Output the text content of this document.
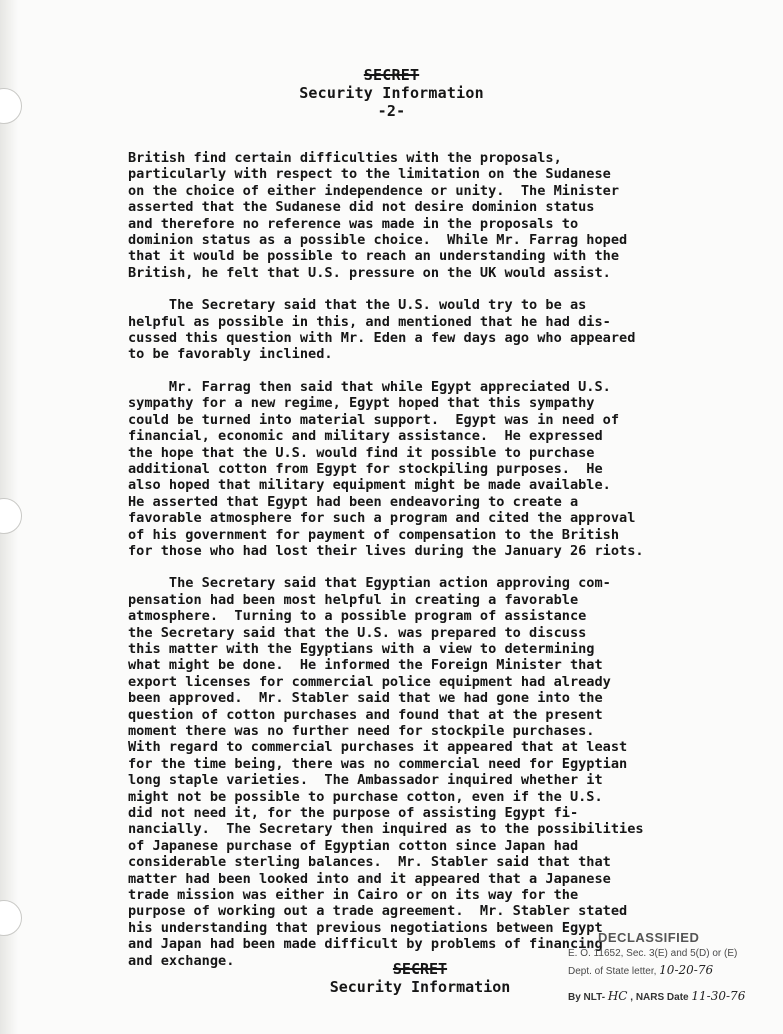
SECRET
Security Information
-2-
British find certain difficulties with the proposals,
particularly with respect to the limitation on the Sudanese
on the choice of either independence or unity.  The Minister
asserted that the Sudanese did not desire dominion status
and therefore no reference was made in the proposals to
dominion status as a possible choice.  While Mr. Farrag hoped
that it would be possible to reach an understanding with the
British, he felt that U.S. pressure on the UK would assist.
The Secretary said that the U.S. would try to be as
helpful as possible in this, and mentioned that he had dis-
cussed this question with Mr. Eden a few days ago who appeared
to be favorably inclined.
Mr. Farrag then said that while Egypt appreciated U.S.
sympathy for a new regime, Egypt hoped that this sympathy
could be turned into material support.  Egypt was in need of
financial, economic and military assistance.  He expressed
the hope that the U.S. would find it possible to purchase
additional cotton from Egypt for stockpiling purposes.  He
also hoped that military equipment might be made available.
He asserted that Egypt had been endeavoring to create a
favorable atmosphere for such a program and cited the approval
of his government for payment of compensation to the British
for those who had lost their lives during the January 26 riots.
The Secretary said that Egyptian action approving com-
pensation had been most helpful in creating a favorable
atmosphere.  Turning to a possible program of assistance
the Secretary said that the U.S. was prepared to discuss
this matter with the Egyptians with a view to determining
what might be done.  He informed the Foreign Minister that
export licenses for commercial police equipment had already
been approved.  Mr. Stabler said that we had gone into the
question of cotton purchases and found that at the present
moment there was no further need for stockpile purchases.
With regard to commercial purchases it appeared that at least
for the time being, there was no commercial need for Egyptian
long staple varieties.  The Ambassador inquired whether it
might not be possible to purchase cotton, even if the U.S.
did not need it, for the purpose of assisting Egypt fi-
nancially.  The Secretary then inquired as to the possibilities
of Japanese purchase of Egyptian cotton since Japan had
considerable sterling balances.  Mr. Stabler said that that
matter had been looked into and it appeared that a Japanese
trade mission was either in Cairo or on its way for the
purpose of working out a trade agreement.  Mr. Stabler stated
his understanding that previous negotiations between Egypt
and Japan had been made difficult by problems of financing
and exchange.	SECRET
Security Information
DECLASSIFIED
E. O. 11652, Sec. 3(E) and 5(D) or (E)
Dept. of State letter, 10-20-76
By NLT- HC , NARS Date 11-30-76
